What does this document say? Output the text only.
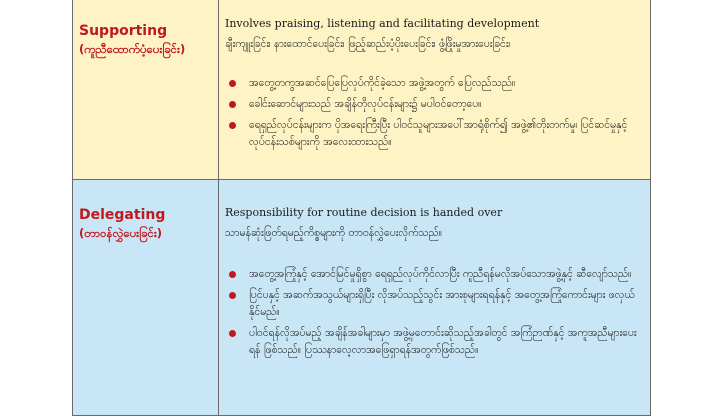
Supporting
(ကူညီထောက်ပံ့ပေးခြင်း)
Involves praising, listening and facilitating development
ချီးကျူးခြင်း၊ နားထောင်ပေးခြင်း၊ ဖြည့်ဆည်းပံ့ပိုးပေးခြင်း၊ ဖွံ့ဖြိုးမှုအားပေးခြင်း၊
အတွေ့တကွအဆင်ပြေပြေလုပ်ကိုင်ခဲ့သော အဖွဲ့အတွက် ပြေလည်သည်။
ခေါင်းဆောင်များသည် အချိန်တိုလုပ်ငန်းများ၌ မပါဝင်တော့ပေ။
ရေရှည်လုပ်ငန်းများက ပိုအရေးကြီးပြီး ပါဝင်သူများအပေါ်အာရုံစိုက်၍ အဖွဲ့၏တိုးတက်မှု၊ ပြင်ဆင်မှုနှင့် လုပ်ငန်းသစ်များကို အလေးထားသည်။
Delegating
(တာဝန်လွှဲပေးခြင်း)
Responsibility for routine decision is handed over
သာမန်ဆုံးဖြတ်ရမည့်ကိစ္စများကို တာဝန်လွှဲပေးလိုက်သည်။
အတွေ့အကြုံနှင့် အောင်မြင်မှုရှိစွာ ရေရှည်လုပ်ကိုင်လာပြီး ကူညီရန်မလိုအပ်သောအဖွဲ့နှင့် ဆီလျော်သည်။
ပြင်ပနှင့် အဆက်အသွယ်များရှိပြီး လိုအပ်သည့်သွင်း အားစုများရရန်နှင့် အတွေ့အကြုံကောင်းများ ဖလှယ်နိုင်မည်။
ပါဝင်ရန်လိုအပ်မည့် အချိန်အခါများမှာ အဖွဲ့မှတောင်းဆိုသည့်အခါတွင် အကြံဉာဏ်နှင့် အကူအညီများပေးရန် ဖြစ်သည်။ ပြဿနာလေ့လာအဖြေရှာရန်အတွက်ဖြစ်သည်။
